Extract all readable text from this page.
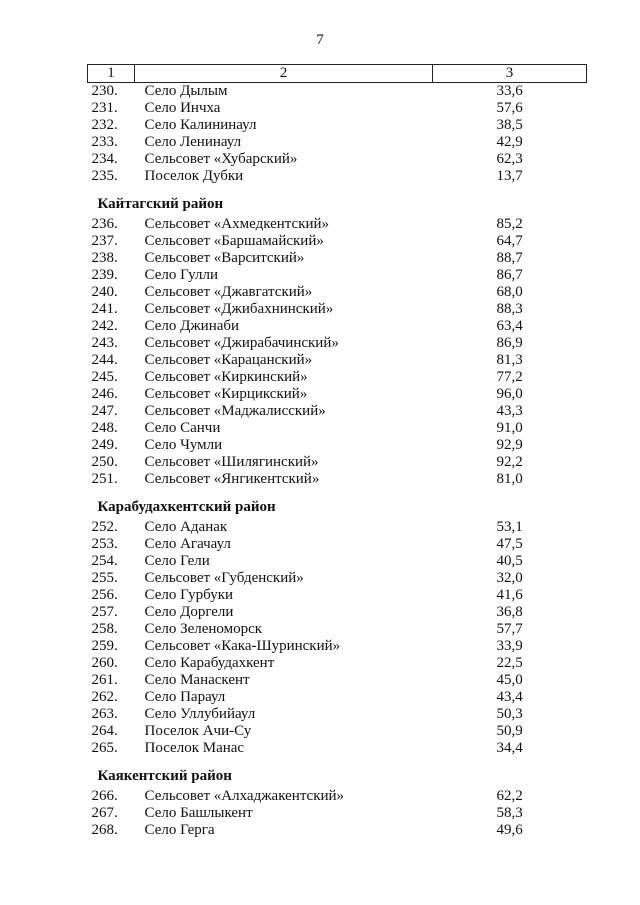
7
1	2	3
230.	Село Дылым	33,6
231.	Село Инчха	57,6
232.	Село Калининаул	38,5
233.	Село Ленинаул	42,9
234.	Сельсовет «Хубарский»	62,3
235.	Поселок Дубки	13,7

Кайтагский район		
236.	Сельсовет «Ахмедкентский»	85,2
237.	Сельсовет «Баршамайский»	64,7
238.	Сельсовет «Варситский»	88,7
239.	Село Гулли	86,7
240.	Сельсовет «Джавгатский»	68,0
241.	Сельсовет «Джибахнинский»	88,3
242.	Село Джинаби	63,4
243.	Сельсовет «Джирабачинский»	86,9
244.	Сельсовет «Карацанский»	81,3
245.	Сельсовет «Киркинский»	77,2
246.	Сельсовет «Кирцикский»	96,0
247.	Сельсовет «Маджалисский»	43,3
248.	Село Санчи	91,0
249.	Село Чумли	92,9
250.	Сельсовет «Шилягинский»	92,2
251.	Сельсовет «Янгикентский»	81,0

Карабудахкентский район		
252.	Село Аданак	53,1
253.	Село Агачаул	47,5
254.	Село Гели	40,5
255.	Сельсовет «Губденский»	32,0
256.	Село Гурбуки	41,6
257.	Село Доргели	36,8
258.	Село Зеленоморск	57,7
259.	Сельсовет «Кака-Шуринский»	33,9
260.	Село Карабудахкент	22,5
261.	Село Манаскент	45,0
262.	Село Параул	43,4
263.	Село Уллубийаул	50,3
264.	Поселок Ачи-Су	50,9
265.	Поселок Манас	34,4

Каякентский район		
266.	Сельсовет «Алхаджакентский»	62,2
267.	Село Башлыкент	58,3
268.	Село Герга	49,6
